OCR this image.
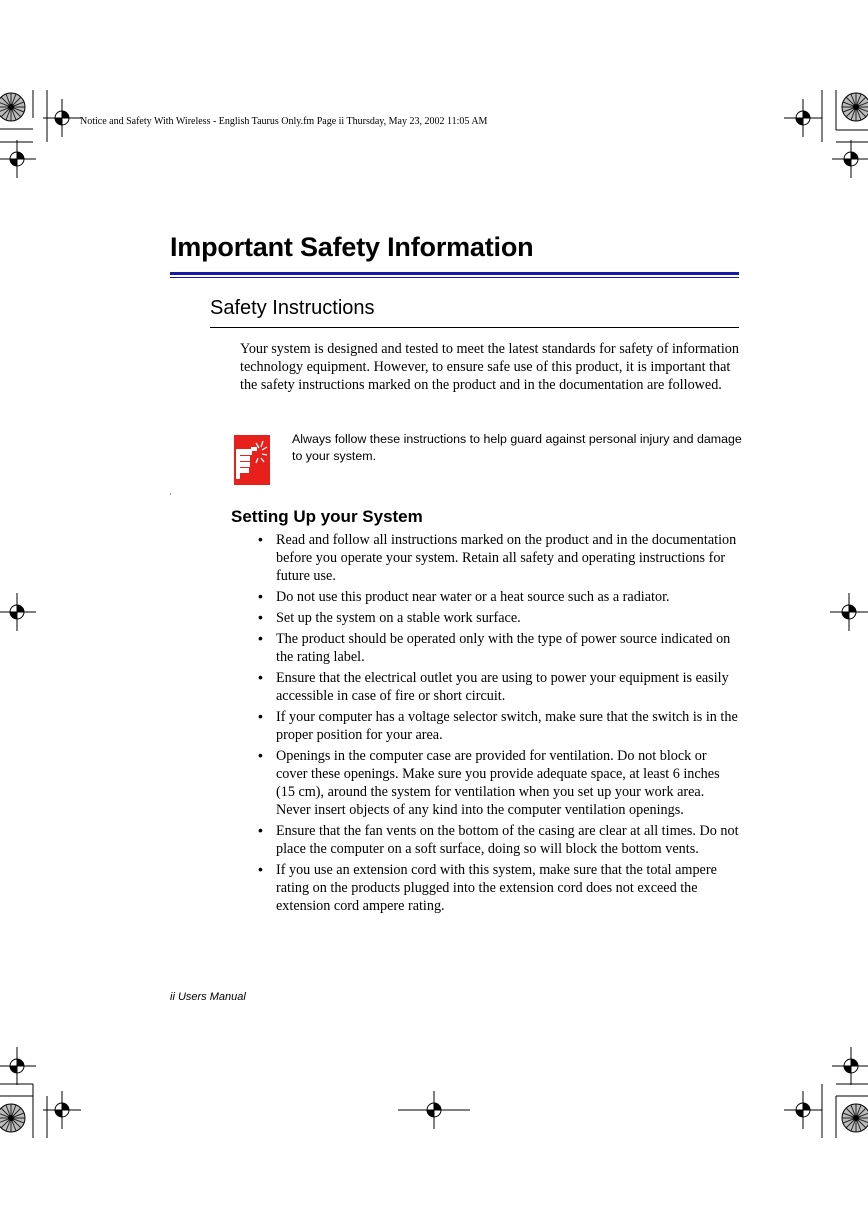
Notice and Safety With Wireless - English Taurus Only.fm Page ii Thursday, May 23, 2002 11:05 AM
Important Safety Information
Safety Instructions

Your system is designed and tested to meet the latest standards for safety of information technology equipment. However, to ensure safe use of this product, it is important that the safety instructions marked on the product and in the documentation are followed.

Always follow these instructions to help guard against personal injury and damage to your system.

Setting Up your System
• Read and follow all instructions marked on the product and in the documentation before you operate your system. Retain all safety and operating instructions for future use.
• Do not use this product near water or a heat source such as a radiator.
• Set up the system on a stable work surface.
• The product should be operated only with the type of power source indicated on the rating label.
• Ensure that the electrical outlet you are using to power your equipment is easily accessible in case of fire or short circuit.
• If your computer has a voltage selector switch, make sure that the switch is in the proper position for your area.
• Openings in the computer case are provided for ventilation. Do not block or cover these openings. Make sure you provide adequate space, at least 6 inches (15 cm), around the system for ventilation when you set up your work area. Never insert objects of any kind into the computer ventilation openings.
• Ensure that the fan vents on the bottom of the casing are clear at all times. Do not place the computer on a soft surface, doing so will block the bottom vents.
• If you use an extension cord with this system, make sure that the total ampere rating on the products plugged into the extension cord does not exceed the extension cord ampere rating.
ii Users Manual
